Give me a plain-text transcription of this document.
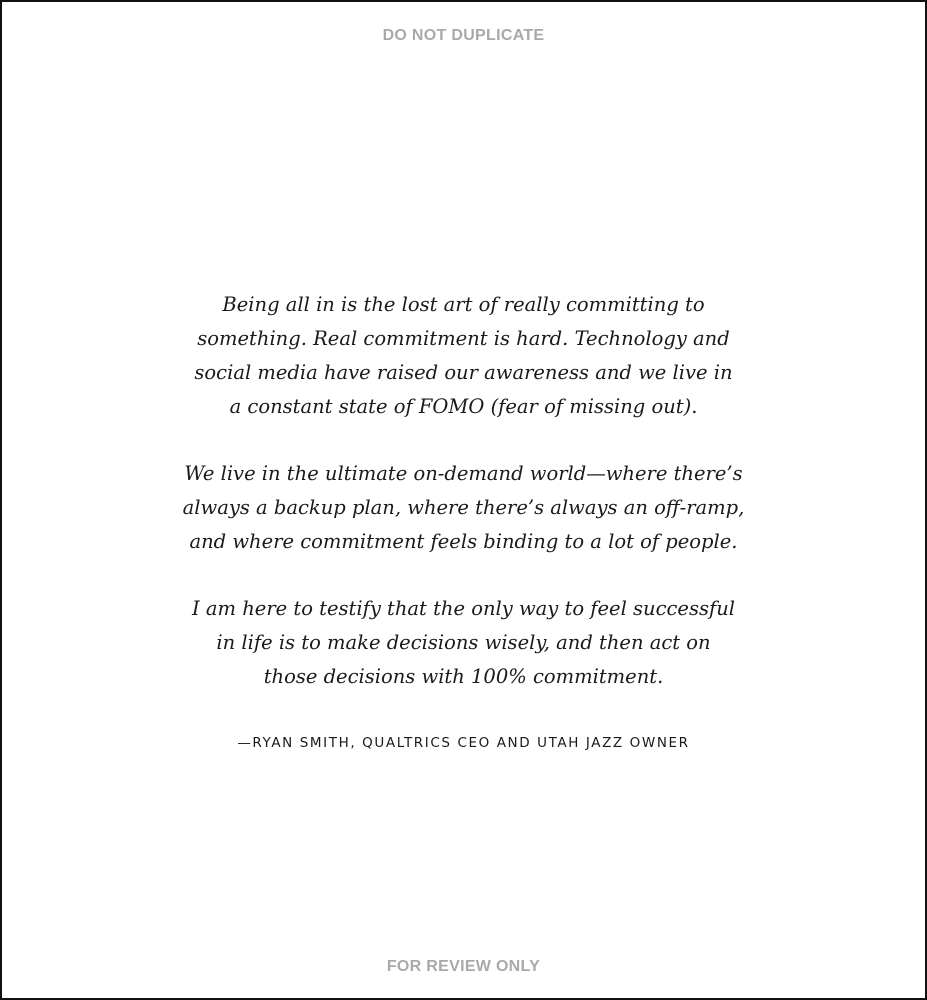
DO NOT DUPLICATE

Being all in is the lost art of really committing to
something. Real commitment is hard. Technology and
social media have raised our awareness and we live in
a constant state of FOMO (fear of missing out).

We live in the ultimate on-demand world—where there’s
always a backup plan, where there’s always an off-ramp,
and where commitment feels binding to a lot of people.

I am here to testify that the only way to feel successful
in life is to make decisions wisely, and then act on
those decisions with 100% commitment.

—RYAN SMITH, QUALTRICS CEO AND UTAH JAZZ OWNER
FOR REVIEW ONLY
